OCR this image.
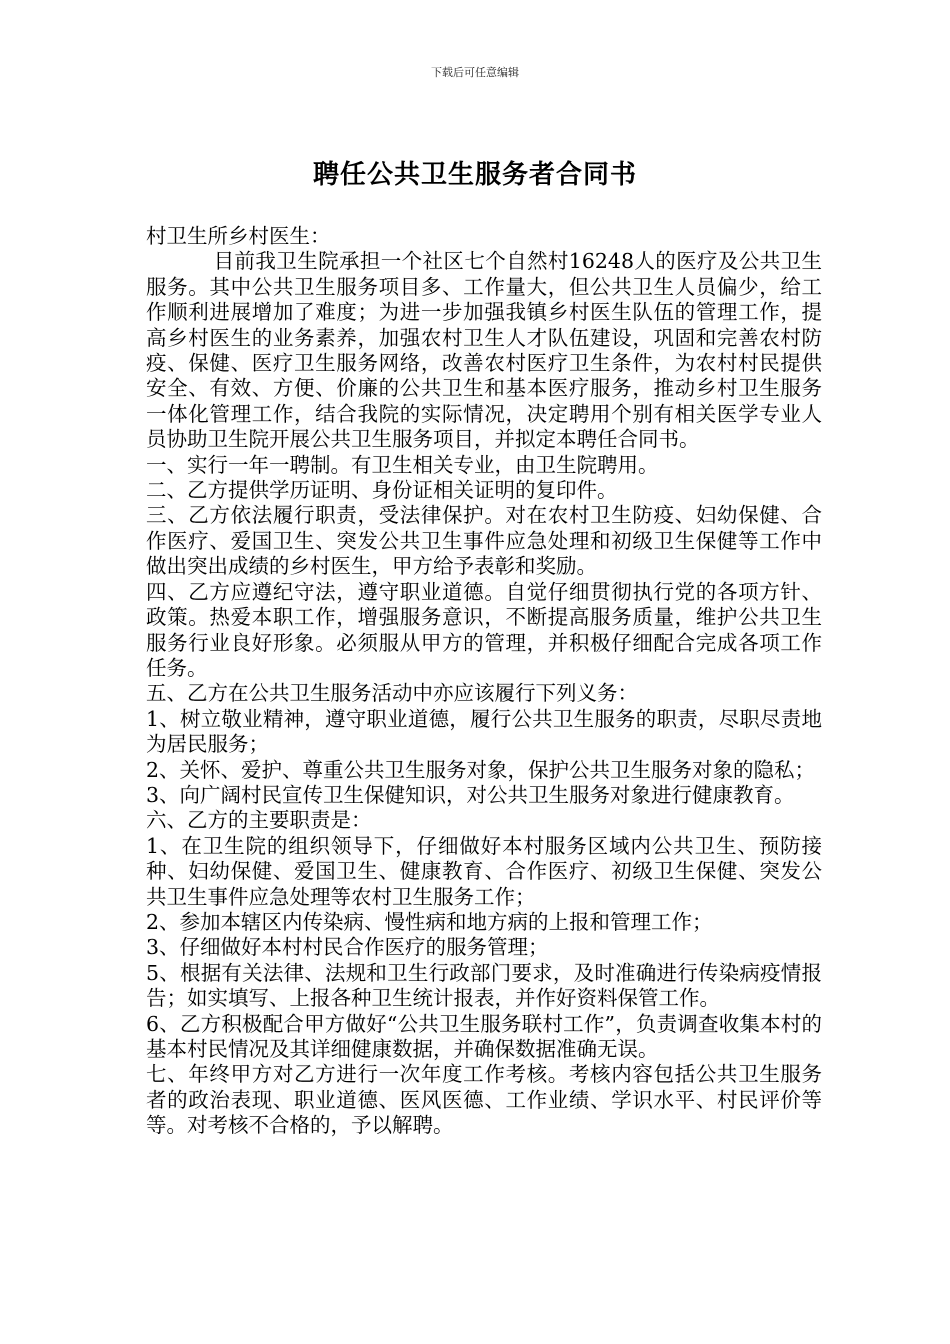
下载后可任意编辑
聘任公共卫生服务者合同书

村卫生所乡村医生：

目前我卫生院承担一个社区七个自然村16248人的医疗及公共卫生服务。其中公共卫生服务项目多、工作量大，但公共卫生人员偏少，给工作顺利进展增加了难度；为进一步加强我镇乡村医生队伍的管理工作，提高乡村医生的业务素养，加强农村卫生人才队伍建设，巩固和完善农村防疫、保健、医疗卫生服务网络，改善农村医疗卫生条件，为农村村民提供安全、有效、方便、价廉的公共卫生和基本医疗服务，推动乡村卫生服务一体化管理工作，结合我院的实际情况，决定聘用个别有相关医学专业人员协助卫生院开展公共卫生服务项目，并拟定本聘任合同书。

一、实行一年一聘制。有卫生相关专业，由卫生院聘用。

二、乙方提供学历证明、身份证相关证明的复印件。

三、乙方依法履行职责，受法律保护。对在农村卫生防疫、妇幼保健、合作医疗、爱国卫生、突发公共卫生事件应急处理和初级卫生保健等工作中做出突出成绩的乡村医生，甲方给予表彰和奖励。

四、乙方应遵纪守法，遵守职业道德。自觉仔细贯彻执行党的各项方针、政策。热爱本职工作，增强服务意识，不断提高服务质量，维护公共卫生服务行业良好形象。必须服从甲方的管理，并积极仔细配合完成各项工作任务。

五、乙方在公共卫生服务活动中亦应该履行下列义务：

1、树立敬业精神，遵守职业道德，履行公共卫生服务的职责，尽职尽责地为居民服务；

2、关怀、爱护、尊重公共卫生服务对象，保护公共卫生服务对象的隐私；

3、向广阔村民宣传卫生保健知识，对公共卫生服务对象进行健康教育。

六、乙方的主要职责是：

1、在卫生院的组织领导下，仔细做好本村服务区域内公共卫生、预防接种、妇幼保健、爱国卫生、健康教育、合作医疗、初级卫生保健、突发公共卫生事件应急处理等农村卫生服务工作；

2、参加本辖区内传染病、慢性病和地方病的上报和管理工作；

3、仔细做好本村村民合作医疗的服务管理；

5、根据有关法律、法规和卫生行政部门要求，及时准确进行传染病疫情报告；如实填写、上报各种卫生统计报表，并作好资料保管工作。

6、乙方积极配合甲方做好“公共卫生服务联村工作”，负责调查收集本村的基本村民情况及其详细健康数据，并确保数据准确无误。

七、年终甲方对乙方进行一次年度工作考核。考核内容包括公共卫生服务者的政治表现、职业道德、医风医德、工作业绩、学识水平、村民评价等等。对考核不合格的，予以解聘。
